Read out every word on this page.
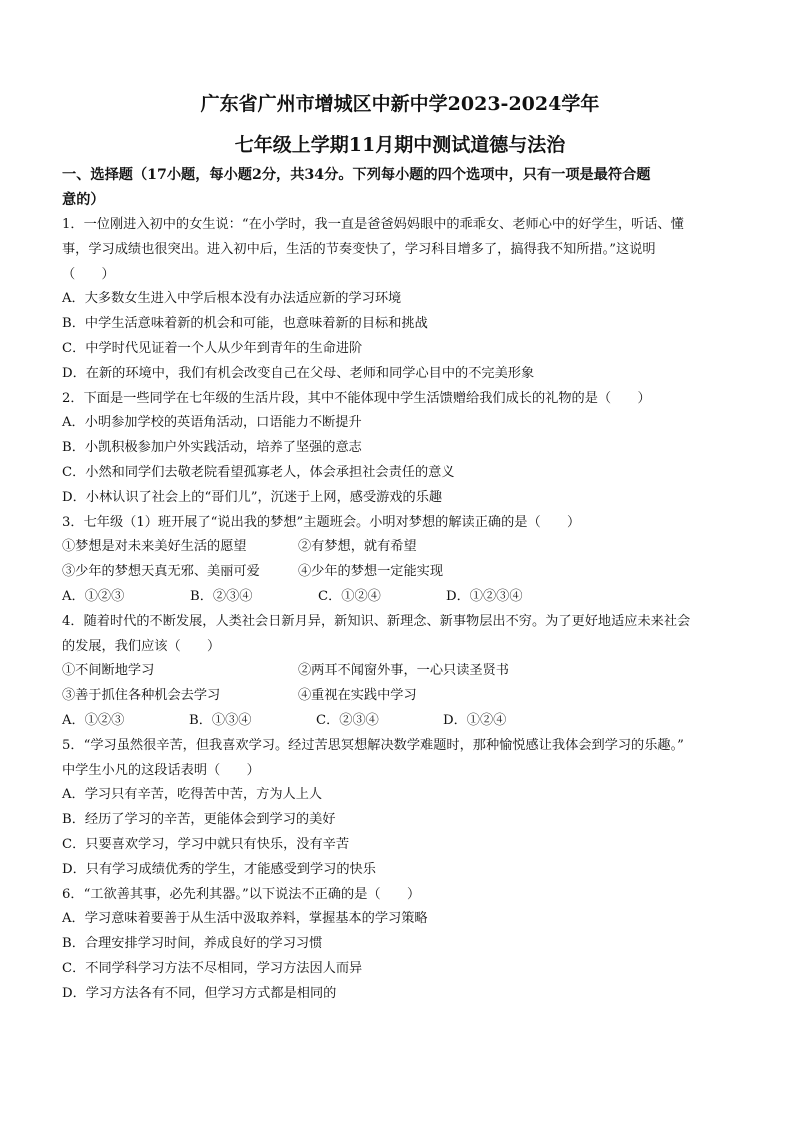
广东省广州市增城区中新中学2023-2024学年
七年级上学期11月期中测试道德与法治
一、选择题（17小题，每小题2分，共34分。下列每小题的四个选项中，只有一项是最符合题
意的）
1．一位刚进入初中的女生说：“在小学时，我一直是爸爸妈妈眼中的乖乖女、老师心中的好学生，听话、懂
事，学习成绩也很突出。进入初中后，生活的节奏变快了，学习科目增多了，搞得我不知所措。”这说明
（　　）
A．大多数女生进入中学后根本没有办法适应新的学习环境
B．中学生活意味着新的机会和可能，也意味着新的目标和挑战
C．中学时代见证着一个人从少年到青年的生命进阶
D．在新的环境中，我们有机会改变自己在父母、老师和同学心目中的不完美形象
2．下面是一些同学在七年级的生活片段，其中不能体现中学生活馈赠给我们成长的礼物的是（　　）
A．小明参加学校的英语角活动，口语能力不断提升
B．小凯积极参加户外实践活动，培养了坚强的意志
C．小然和同学们去敬老院看望孤寡老人，体会承担社会责任的意义
D．小林认识了社会上的“哥们儿”，沉迷于上网，感受游戏的乐趣
3．七年级（1）班开展了“说出我的梦想”主题班会。小明对梦想的解读正确的是（　　）
①梦想是对未来美好生活的愿望	②有梦想，就有希望
③少年的梦想天真无邪、美丽可爱	④少年的梦想一定能实现
A．①②③	B．②③④	C．①②④	D．①②③④
4．随着时代的不断发展，人类社会日新月异，新知识、新理念、新事物层出不穷。为了更好地适应未来社会
的发展，我们应该（　　）
①不间断地学习	②两耳不闻窗外事，一心只读圣贤书
③善于抓住各种机会去学习	④重视在实践中学习
A．①②③	B．①③④	C．②③④	D．①②④
5．“学习虽然很辛苦，但我喜欢学习。经过苦思冥想解决数学难题时，那种愉悦感让我体会到学习的乐趣。”
中学生小凡的这段话表明（　　）
A．学习只有辛苦，吃得苦中苦，方为人上人
B．经历了学习的辛苦，更能体会到学习的美好
C．只要喜欢学习，学习中就只有快乐，没有辛苦
D．只有学习成绩优秀的学生，才能感受到学习的快乐
6．“工欲善其事，必先利其器。”以下说法不正确的是（　　）
A．学习意味着要善于从生活中汲取养料，掌握基本的学习策略
B．合理安排学习时间，养成良好的学习习惯
C．不同学科学习方法不尽相同，学习方法因人而异
D．学习方法各有不同，但学习方式都是相同的
